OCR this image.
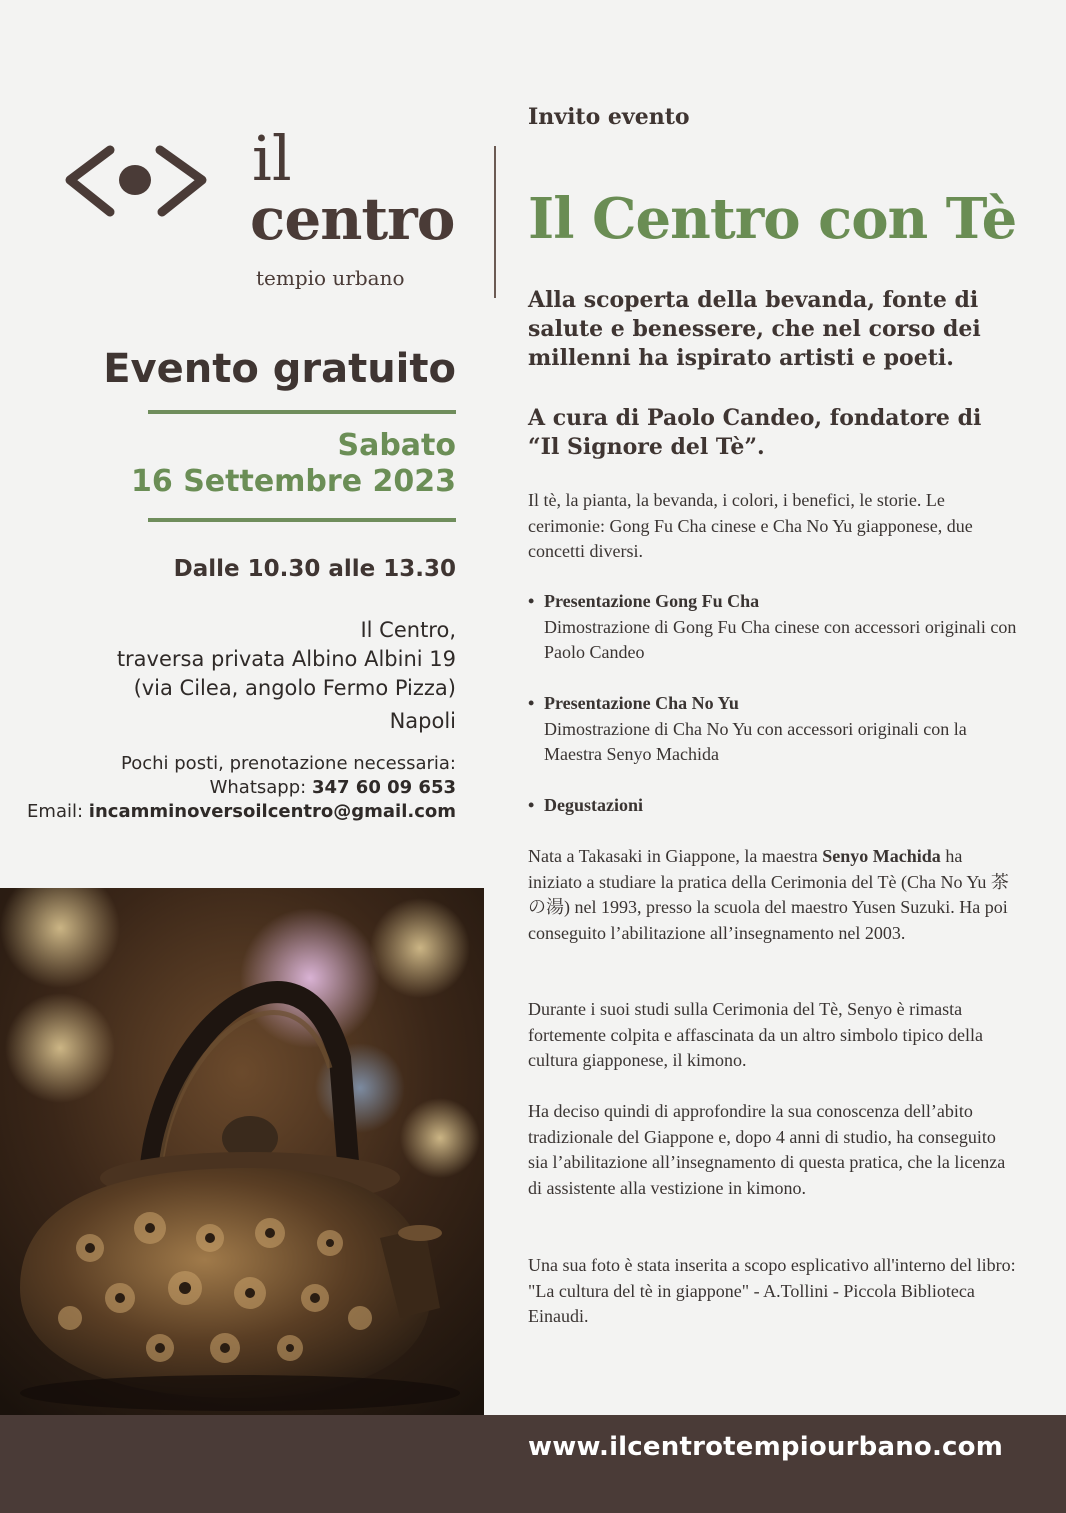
il
centro
tempio urbano
Evento gratuito
Sabato
16 Settembre 2023
Dalle 10.30 alle 13.30
Il Centro,
traversa privata Albino Albini 19
(via Cilea, angolo Fermo Pizza)
Napoli
Pochi posti, prenotazione necessaria:
Whatsapp: 347 60 09 653
Email: incamminoversoilcentro@gmail.com
Invito evento
Il Centro con Tè
Alla scoperta della bevanda, fonte di salute e benessere, che nel corso dei millenni ha ispirato artisti e poeti.
A cura di Paolo Candeo, fondatore di “Il Signore del Tè”.
Il tè, la pianta, la bevanda, i colori, i benefici, le storie. Le cerimonie: Gong Fu Cha cinese e Cha No Yu giapponese, due concetti diversi.
• Presentazione Gong Fu Cha
Dimostrazione di Gong Fu Cha cinese con accessori originali con Paolo Candeo
• Presentazione Cha No Yu
Dimostrazione di Cha No Yu con accessori originali con la Maestra Senyo Machida
• Degustazioni
Nata a Takasaki in Giappone, la maestra Senyo Machida ha iniziato a studiare la pratica della Cerimonia del Tè (Cha No Yu 茶の湯) nel 1993, presso la scuola del maestro Yusen Suzuki. Ha poi conseguito l’abilitazione all’insegnamento nel 2003.
Durante i suoi studi sulla Cerimonia del Tè, Senyo è rimasta fortemente colpita e affascinata da un altro simbolo tipico della cultura giapponese, il kimono.
Ha deciso quindi di approfondire la sua conoscenza dell’abito tradizionale del Giappone e, dopo 4 anni di studio, ha conseguito sia l’abilitazione all’insegnamento di questa pratica, che la licenza di assistente alla vestizione in kimono.
Una sua foto è stata inserita a scopo esplicativo all'interno del libro:
"La cultura del tè in giappone" - A.Tollini - Piccola Biblioteca Einaudi.
www.ilcentrotempiourbano.com
